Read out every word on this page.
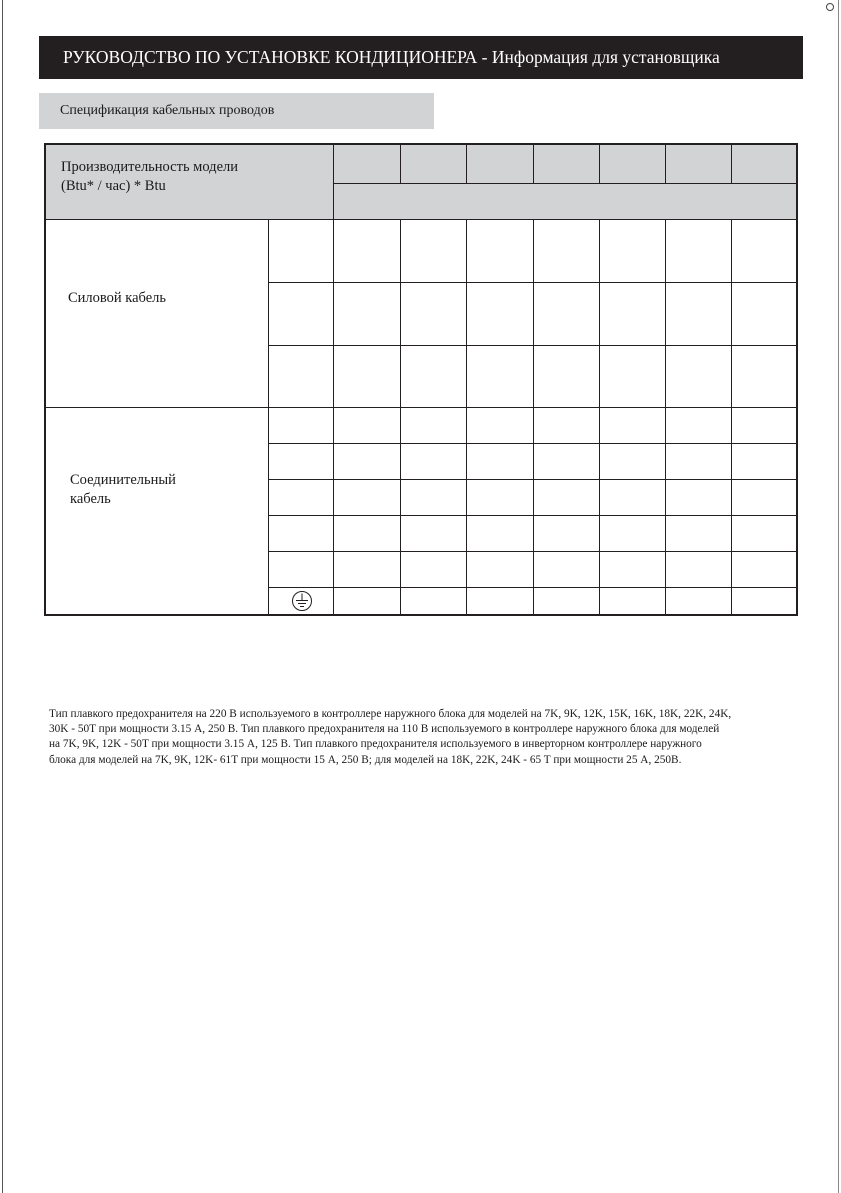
РУКОВОДСТВО ПО УСТАНОВКЕ КОНДИЦИОНЕРА - Информация для установщика
Спецификация кабельных проводов
Производительность модели
(Btu* / час) * Btu
Силовой кабель
Соединительный
кабель
Тип плавкого предохранителя на 220 В используемого в контроллере наружного блока для моделей на 7K, 9K, 12K, 15K, 16K, 18K, 22K, 24K,
30K - 50T при мощности 3.15 А, 250 В. Тип плавкого предохранителя на 110 В используемого в контроллере наружного блока для моделей
на 7K, 9K, 12K - 50T при мощности 3.15 А, 125 В. Тип плавкого предохранителя используемого в инверторном контроллере наружного
блока для моделей на 7K, 9K, 12K- 61T при мощности 15 А, 250 В; для моделей на 18K, 22K, 24K - 65 T при мощности 25 А, 250В.
